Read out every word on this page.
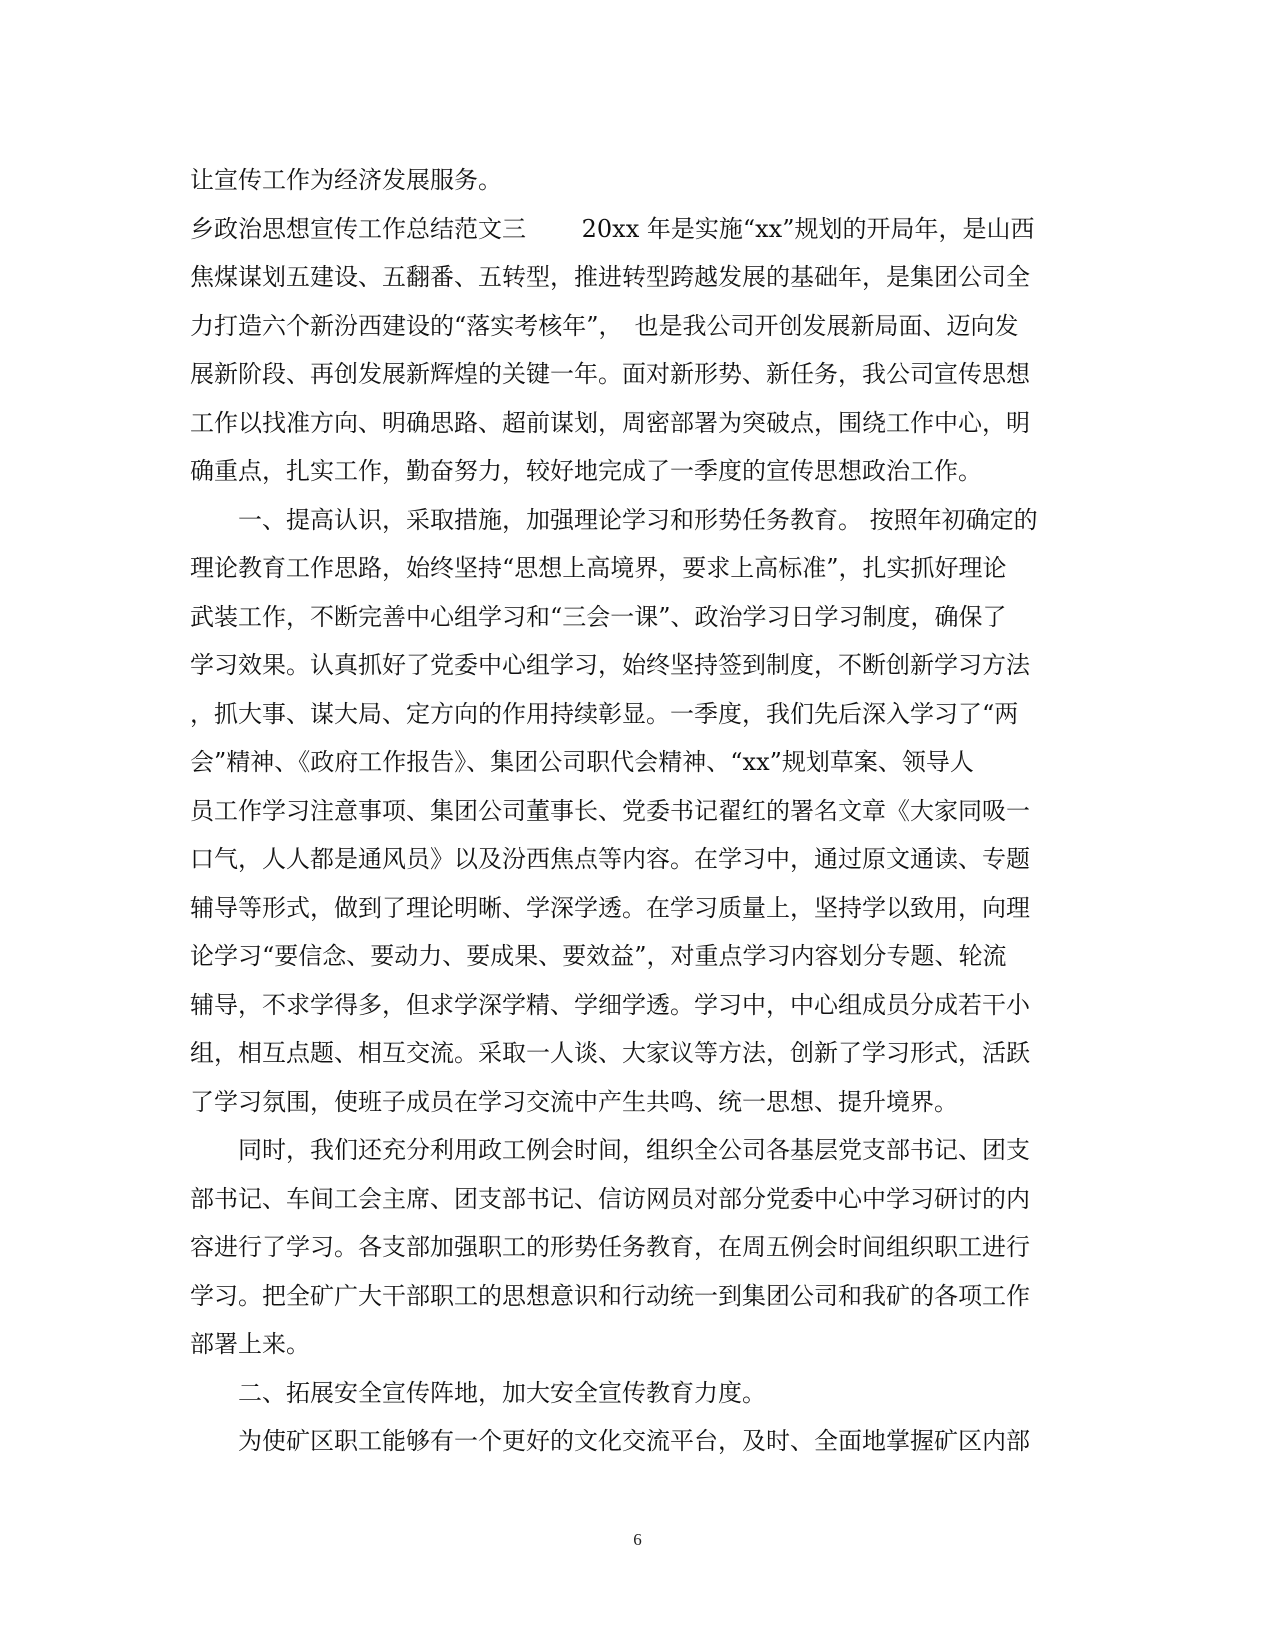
让宣传工作为经济发展服务。
乡政治思想宣传工作总结范文三　　 20xx 年是实施“xx”规划的开局年，是山西
焦煤谋划五建设、五翻番、五转型，推进转型跨越发展的基础年，是集团公司全
力打造六个新汾西建设的“落实考核年”，　也是我公司开创发展新局面、迈向发
展新阶段、再创发展新辉煌的关键一年。面对新形势、新任务，我公司宣传思想
工作以找准方向、明确思路、超前谋划，周密部署为突破点，围绕工作中心，明
确重点，扎实工作，勤奋努力，较好地完成了一季度的宣传思想政治工作。
一、提高认识，采取措施，加强理论学习和形势任务教育。 按照年初确定的
理论教育工作思路，始终坚持“思想上高境界，要求上高标准”，扎实抓好理论
武装工作，不断完善中心组学习和“三会一课”、政治学习日学习制度，确保了
学习效果。认真抓好了党委中心组学习，始终坚持签到制度，不断创新学习方法
，抓大事、谋大局、定方向的作用持续彰显。一季度，我们先后深入学习了“两
会”精神、《政府工作报告》、集团公司职代会精神、“xx”规划草案、领导人
员工作学习注意事项、集团公司董事长、党委书记翟红的署名文章《大家同吸一
口气，人人都是通风员》以及汾西焦点等内容。在学习中，通过原文通读、专题
辅导等形式，做到了理论明晰、学深学透。在学习质量上，坚持学以致用，向理
论学习“要信念、要动力、要成果、要效益”，对重点学习内容划分专题、轮流
辅导，不求学得多，但求学深学精、学细学透。学习中，中心组成员分成若干小
组，相互点题、相互交流。采取一人谈、大家议等方法，创新了学习形式，活跃
了学习氛围，使班子成员在学习交流中产生共鸣、统一思想、提升境界。
同时，我们还充分利用政工例会时间，组织全公司各基层党支部书记、团支
部书记、车间工会主席、团支部书记、信访网员对部分党委中心中学习研讨的内
容进行了学习。各支部加强职工的形势任务教育，在周五例会时间组织职工进行
学习。把全矿广大干部职工的思想意识和行动统一到集团公司和我矿的各项工作
部署上来。
二、拓展安全宣传阵地，加大安全宣传教育力度。
为使矿区职工能够有一个更好的文化交流平台，及时、全面地掌握矿区内部
6
